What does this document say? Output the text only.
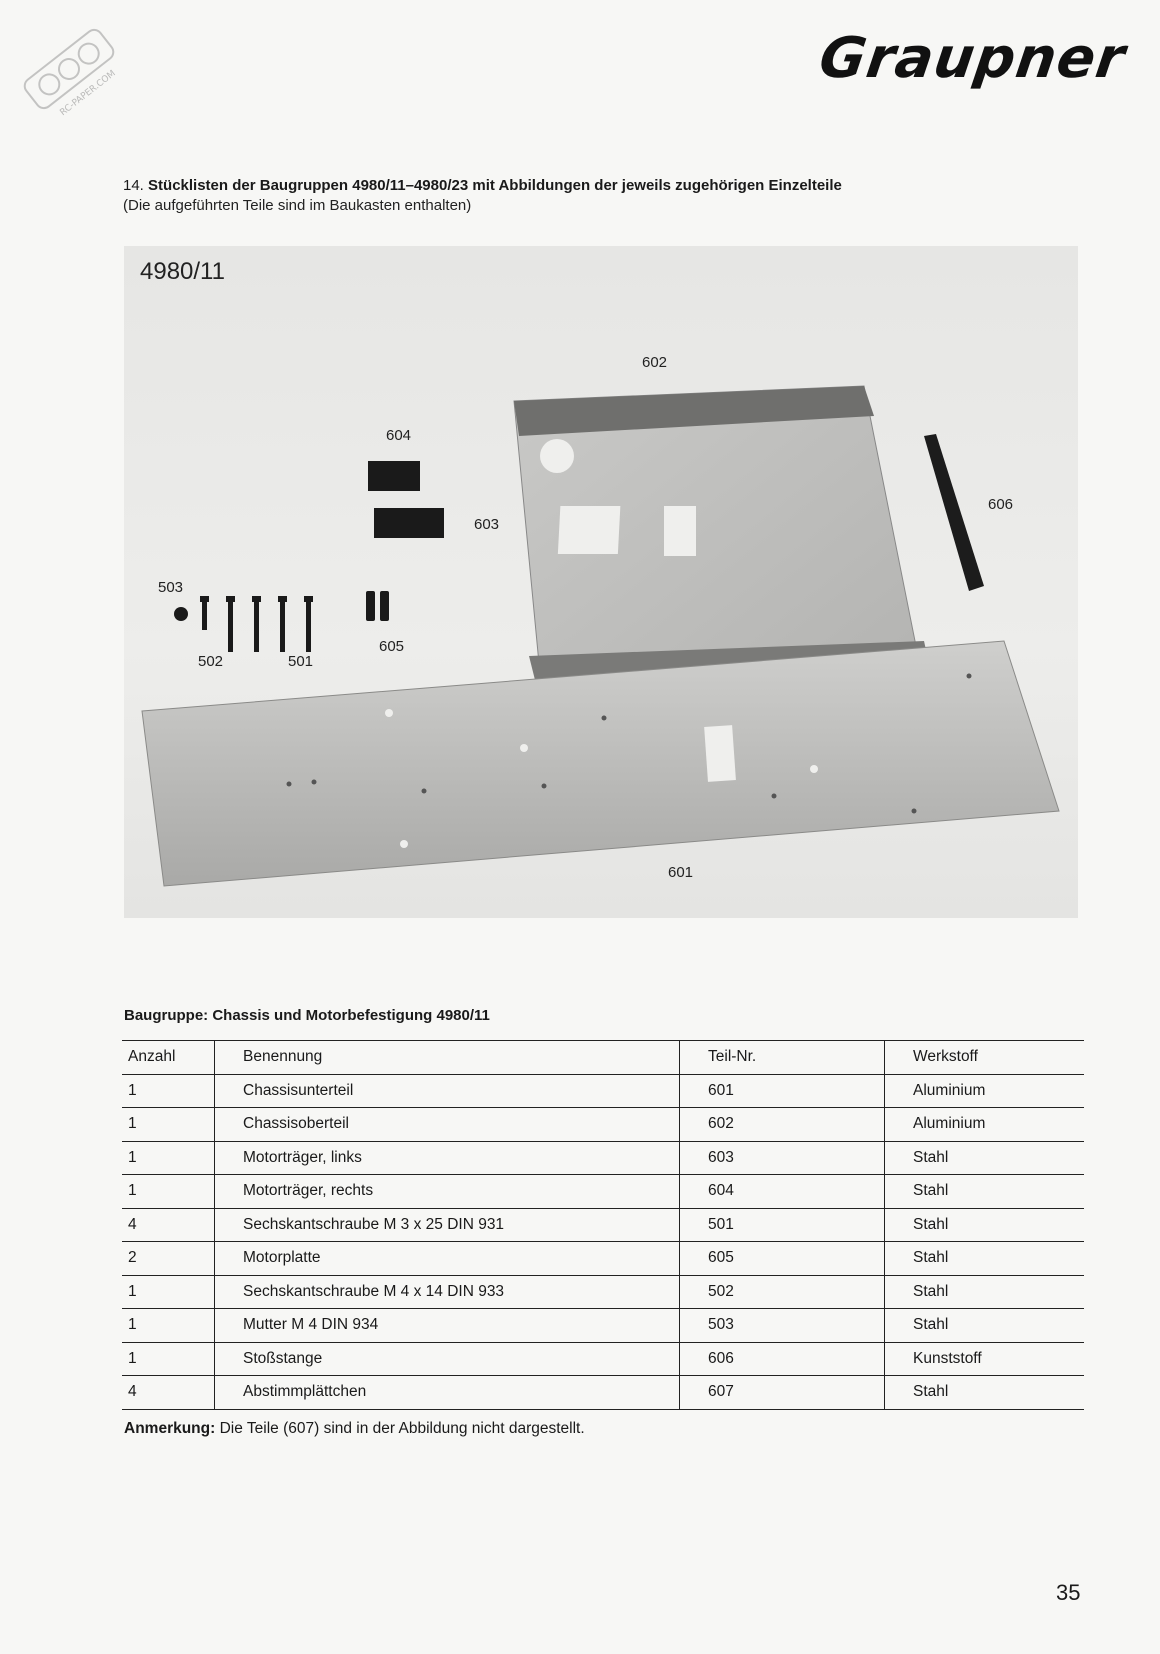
RC-PAPER.COM
Graupner
14. Stücklisten der Baugruppen 4980/11–4980/23 mit Abbildungen der jeweils zugehörigen Einzelteile
(Die aufgeführten Teile sind im Baukasten enthalten)
4980/11
602
604
603
606
503
502	501
605
601
Baugruppe: Chassis und Motorbefestigung 4980/11
Anzahl	Benennung	Teil-Nr.	Werkstoff
1	Chassisunterteil	601	Aluminium
1	Chassisoberteil	602	Aluminium
1	Motorträger, links	603	Stahl
1	Motorträger, rechts	604	Stahl
4	Sechskantschraube M 3 x 25 DIN 931	501	Stahl
2	Motorplatte	605	Stahl
1	Sechskantschraube M 4 x 14 DIN 933	502	Stahl
1	Mutter M 4 DIN 934	503	Stahl
1	Stoßstange	606	Kunststoff
4	Abstimmplättchen	607	Stahl
Anmerkung: Die Teile (607) sind in der Abbildung nicht dargestellt.
35
